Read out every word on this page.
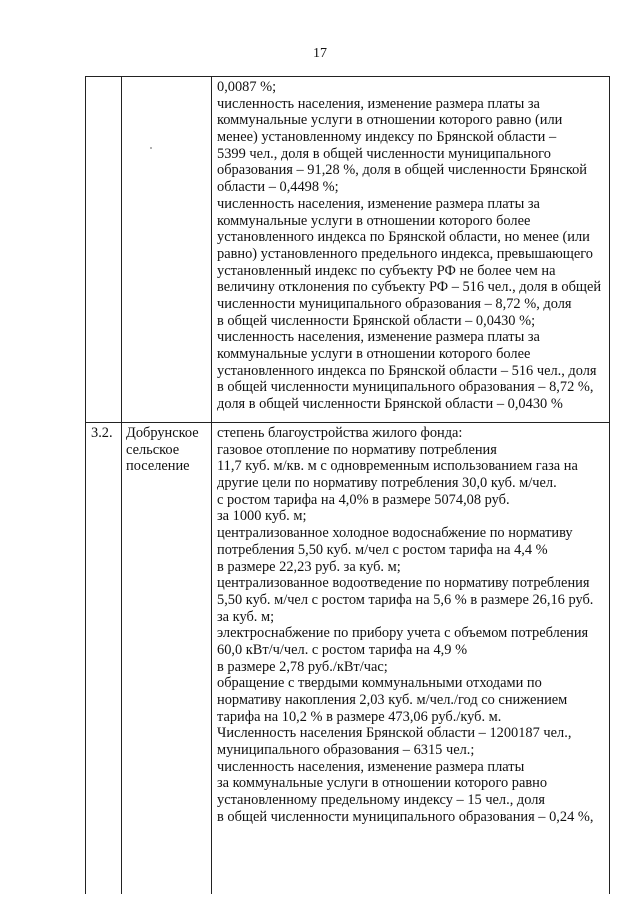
17
0,0087 %;
численность населения, изменение размера платы за
коммунальные услуги в отношении которого равно (или
менее) установленному индексу по Брянской области –
5399 чел., доля в общей численности муниципального
образования – 91,28 %, доля в общей численности Брянской
области – 0,4498 %;
численность населения, изменение размера платы за
коммунальные услуги в отношении которого более
установленного индекса по Брянской области, но менее (или
равно) установленного предельного индекса, превышающего
установленный индекс по субъекту РФ не более чем на
величину отклонения по субъекту РФ – 516 чел., доля в общей
численности муниципального образования – 8,72 %, доля
в общей численности Брянской области – 0,0430 %;
численность населения, изменение размера платы за
коммунальные услуги в отношении которого более
установленного индекса по Брянской области – 516 чел., доля
в общей численности муниципального образования – 8,72 %,
доля в общей численности Брянской области – 0,0430 %
3.2. Добрунское
сельское
поселение
степень благоустройства жилого фонда:
газовое отопление по нормативу потребления
11,7 куб. м/кв. м с одновременным использованием газа на
другие цели по нормативу потребления 30,0 куб. м/чел.
с ростом тарифа на 4,0% в размере 5074,08 руб.
за 1000 куб. м;
централизованное холодное водоснабжение по нормативу
потребления 5,50 куб. м/чел с ростом тарифа на 4,4 %
в размере 22,23 руб. за куб. м;
централизованное водоотведение по нормативу потребления
5,50 куб. м/чел с ростом тарифа на 5,6 % в размере 26,16 руб.
за куб. м;
электроснабжение по прибору учета с объемом потребления
60,0 кВт/ч/чел. с ростом тарифа на 4,9 %
в размере 2,78 руб./кВт/час;
обращение с твердыми коммунальными отходами по
нормативу накопления 2,03 куб. м/чел./год со снижением
тарифа на 10,2 % в размере 473,06 руб./куб. м.
Численность населения Брянской области – 1200187 чел.,
муниципального образования – 6315 чел.;
численность населения, изменение размера платы
за коммунальные услуги в отношении которого равно
установленному предельному индексу – 15 чел., доля
в общей численности муниципального образования – 0,24 %,
